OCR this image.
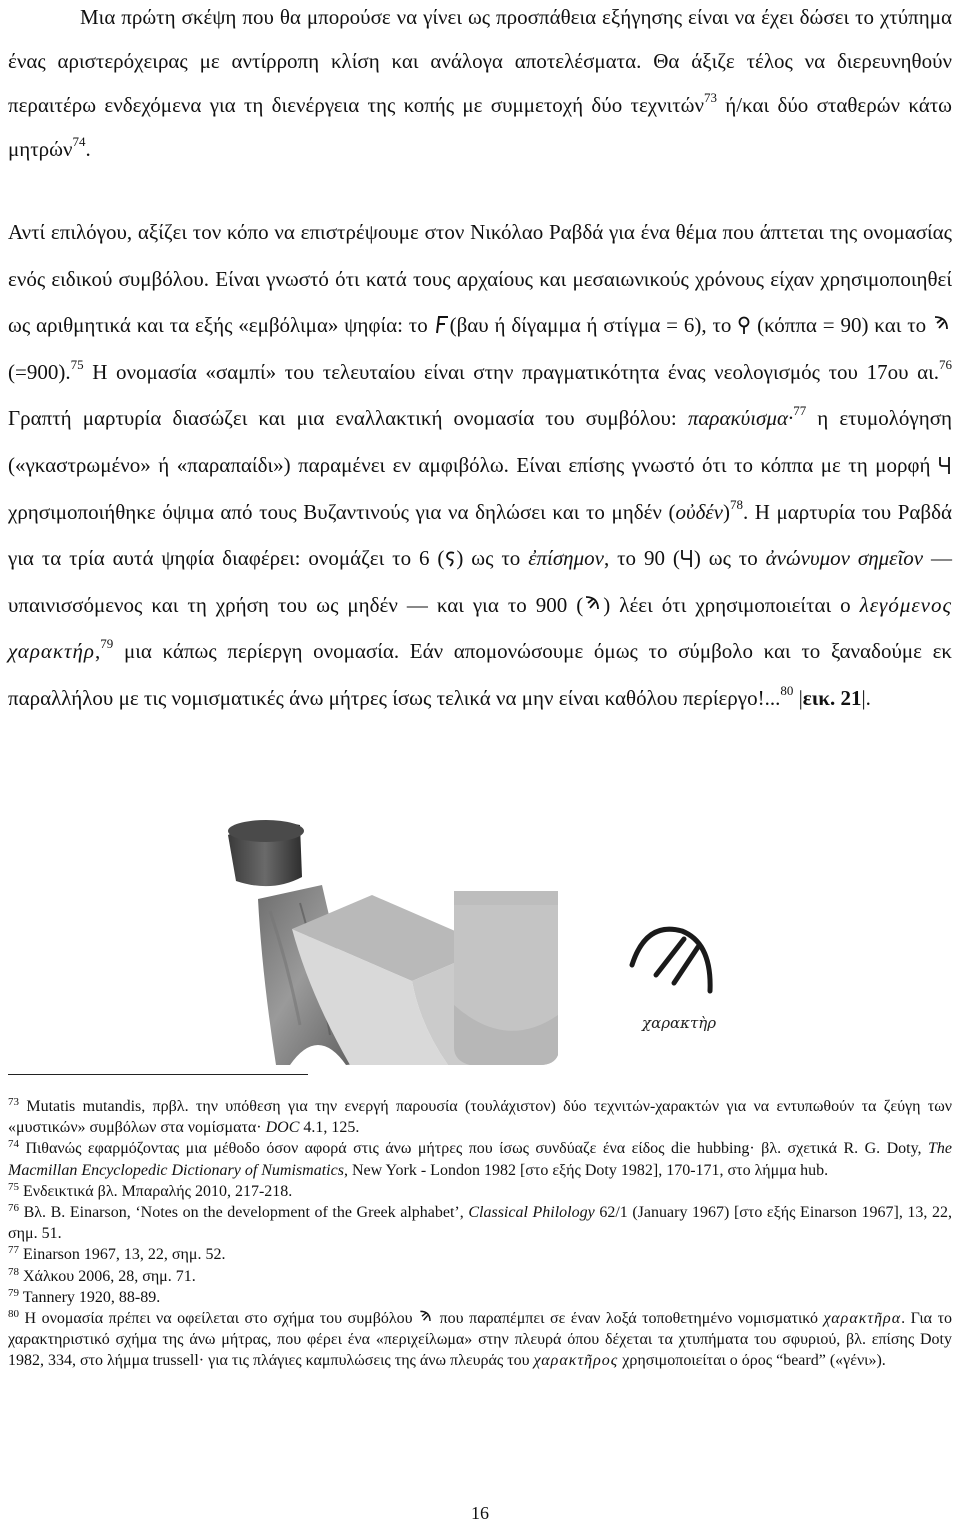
Μια πρώτη σκέψη που θα μπορούσε να γίνει ως προσπάθεια εξήγησης είναι να έχει δώσει το χτύπημα ένας αριστερόχειρας με αντίρροπη κλίση και ανάλογα αποτελέσματα. Θα άξιζε τέλος να διερευνηθούν περαιτέρω ενδεχόμενα για τη διενέργεια της κοπής με συμμετοχή δύο τεχνιτών$^{73}$ ή/και δύο σταθερών κάτω μητρών$^{74}$.

Αντί επιλόγου, αξίζει τον κόπο να επιστρέψουμε στον Νικόλαο Ραβδά για ένα θέμα που άπτεται της ονομασίας ενός ειδικού συμβόλου. Είναι γνωστό ότι κατά τους αρχαίους και μεσαιωνικούς χρόνους είχαν χρησιμοποιηθεί ως αριθμητικά και τα εξής «εμβόλιμα» ψηφία: το (βαυ ή δίγαμμα ή στίγμα = 6), το  (κόππα = 90) και το  (=900).$^{75}$ Η ονομασία «σαμπί» του τελευταίου είναι στην πραγματικότητα ένας νεολογισμός του 17ου αι.$^{76}$ Γραπτή μαρτυρία διασώζει και μια εναλλακτική ονομασία του συμβόλου: παρακύισμα·$^{77}$ η ετυμολόγηση («γκαστρωμένο» ή «παραπαίδι») παραμένει εν αμφιβόλω. Είναι επίσης γνωστό ότι το κόππα με τη μορφή  χρησιμοποιήθηκε όψιμα από τους Βυζαντινούς για να δηλώσει και το μηδέν (οὐδέν)$^{78}$. Η μαρτυρία του Ραβδά για τα τρία αυτά ψηφία διαφέρει: ονομάζει το 6 ( ) ως το ἐπίσημον, το 90 ( ) ως το ἀνώνυμον σημεῖον — υπαινισσόμενος και τη χρήση του ως μηδέν — και για το 900 ( ) λέει ότι χρησιμοποιείται ο λεγόμενος χαρακτήρ,$^{79}$ μια κάπως περίεργη ονομασία. Εάν απομονώσουμε όμως το σύμβολο και το ξαναδούμε εκ παραλλήλου με τις νομισματικές άνω μήτρες ίσως τελικά να μην είναι καθόλου περίεργο!...$^{80}$ |εικ. 21|.

χαρακτὴρ

$^{73}$ Mutatis mutandis, πρβλ. την υπόθεση για την ενεργή παρουσία (τουλάχιστον) δύο τεχνιτών-χαρακτών για να εντυπωθούν τα ζεύγη των «μυστικών» συμβόλων στα νομίσματα· DOC 4.1, 125.

$^{74}$ Πιθανώς εφαρμόζοντας μια μέθοδο όσον αφορά στις άνω μήτρες που ίσως συνδύαζε ένα είδος die hubbing· βλ. σχετικά R. G. Doty, The Macmillan Encyclopedic Dictionary of Numismatics, New York - London 1982 [στο εξής Doty 1982], 170-171, στο λήμμα hub.

$^{75}$ Ενδεικτικά βλ. Μπαραλής 2010, 217-218.

$^{76}$ Βλ. B. Einarson, ‘Notes on the development of the Greek alphabet’, Classical Philology 62/1 (January 1967) [στο εξής Einarson 1967], 13, 22, σημ. 51.

$^{77}$ Einarson 1967, 13, 22, σημ. 52.

$^{78}$ Χάλκου 2006, 28, σημ. 71.

$^{79}$ Tannery 1920, 88-89.

$^{80}$ Η ονομασία πρέπει να οφείλεται στο σχήμα του συμβόλου  που παραπέμπει σε έναν λοξά τοποθετημένο νομισματικό χαρακτῆρα. Για το χαρακτηριστικό σχήμα της άνω μήτρας, που φέρει ένα «περιχείλωμα» στην πλευρά όπου δέχεται τα χτυπήματα του σφυριού, βλ. επίσης Doty 1982, 334, στο λήμμα trussell· για τις πλάγιες καμπυλώσεις της άνω πλευράς του χαρακτῆρος χρησιμοποιείται ο όρος “beard” («γένι»).

16
